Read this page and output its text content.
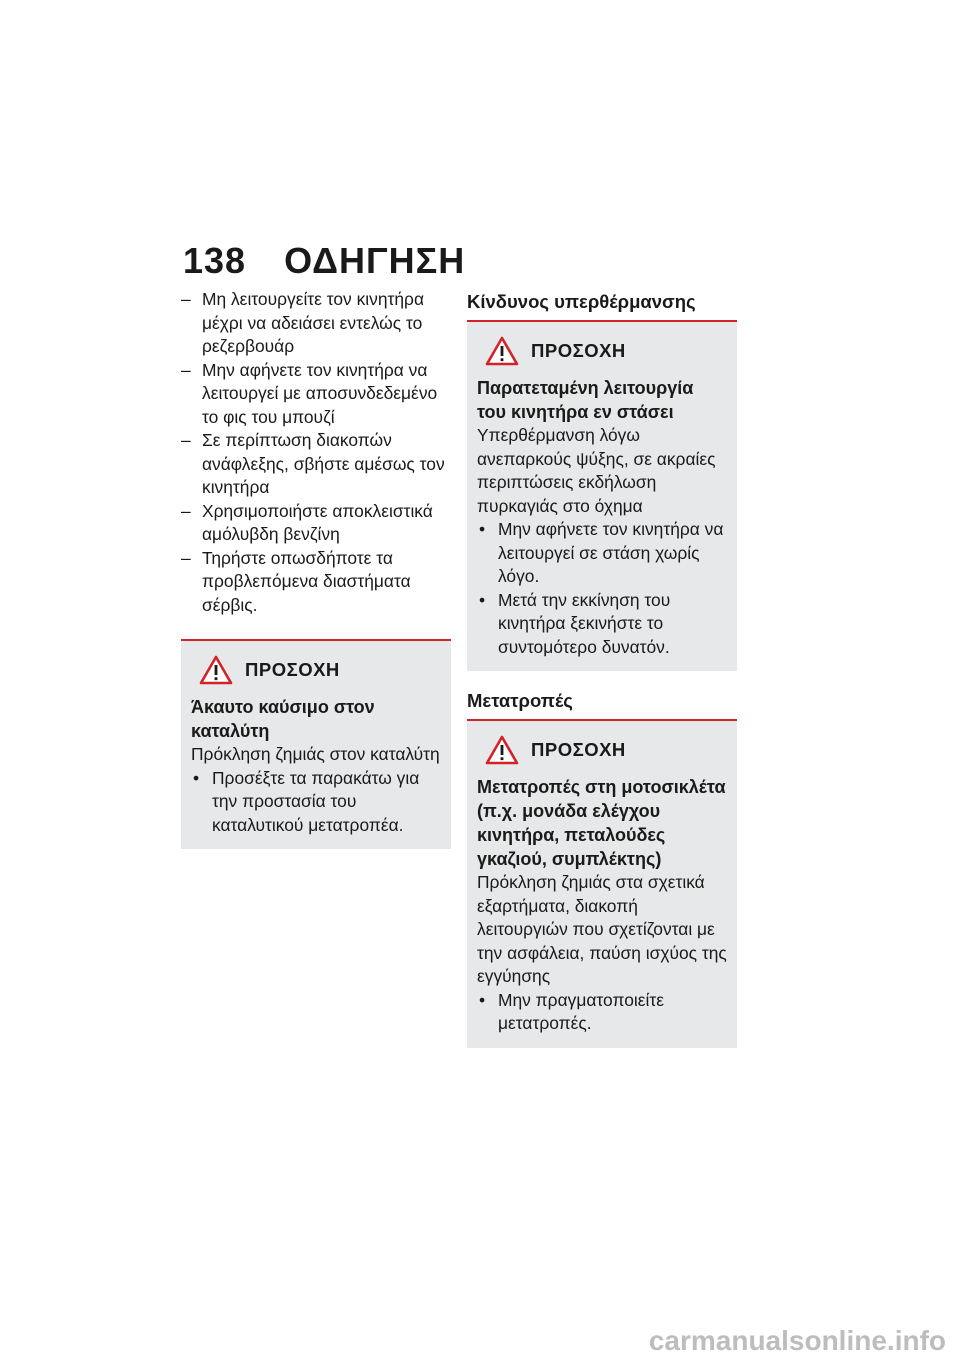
138 ΟΔΗΓΗΣΗ
– Μη λειτουργείτε τον κινητήρα μέχρι να αδειάσει εντελώς το ρεζερβουάρ
– Μην αφήνετε τον κινητήρα να λειτουργεί με αποσυνδεδεμένο το φις του μπουζί
– Σε περίπτωση διακοπών ανάφλεξης, σβήστε αμέσως τον κινητήρα
– Χρησιμοποιήστε αποκλειστικά αμόλυβδη βενζίνη
– Τηρήστε οπωσδήποτε τα προβλεπόμενα διαστήματα σέρβις.
ΠΡΟΣΟΧΗ
Άκαυτο καύσιμο στον καταλύτη
Πρόκληση ζημιάς στον καταλύτη
• Προσέξτε τα παρακάτω για την προστασία του καταλυτικού μετατροπέα.
Κίνδυνος υπερθέρμανσης
ΠΡΟΣΟΧΗ
Παρατεταμένη λειτουργία του κινητήρα εν στάσει
Υπερθέρμανση λόγω ανεπαρκούς ψύξης, σε ακραίες περιπτώσεις εκδήλωση πυρκαγιάς στο όχημα
• Μην αφήνετε τον κινητήρα να λειτουργεί σε στάση χωρίς λόγο.
• Μετά την εκκίνηση του κινητήρα ξεκινήστε το συντομότερο δυνατόν.
Μετατροπές
ΠΡΟΣΟΧΗ
Μετατροπές στη μοτοσικλέτα (π.χ. μονάδα ελέγχου κινητήρα, πεταλούδες γκαζιού, συμπλέκτης)
Πρόκληση ζημιάς στα σχετικά εξαρτήματα, διακοπή λειτουργιών που σχετίζονται με την ασφάλεια, παύση ισχύος της εγγύησης
• Μην πραγματοποιείτε μετατροπές.
carmanualsonline.info
